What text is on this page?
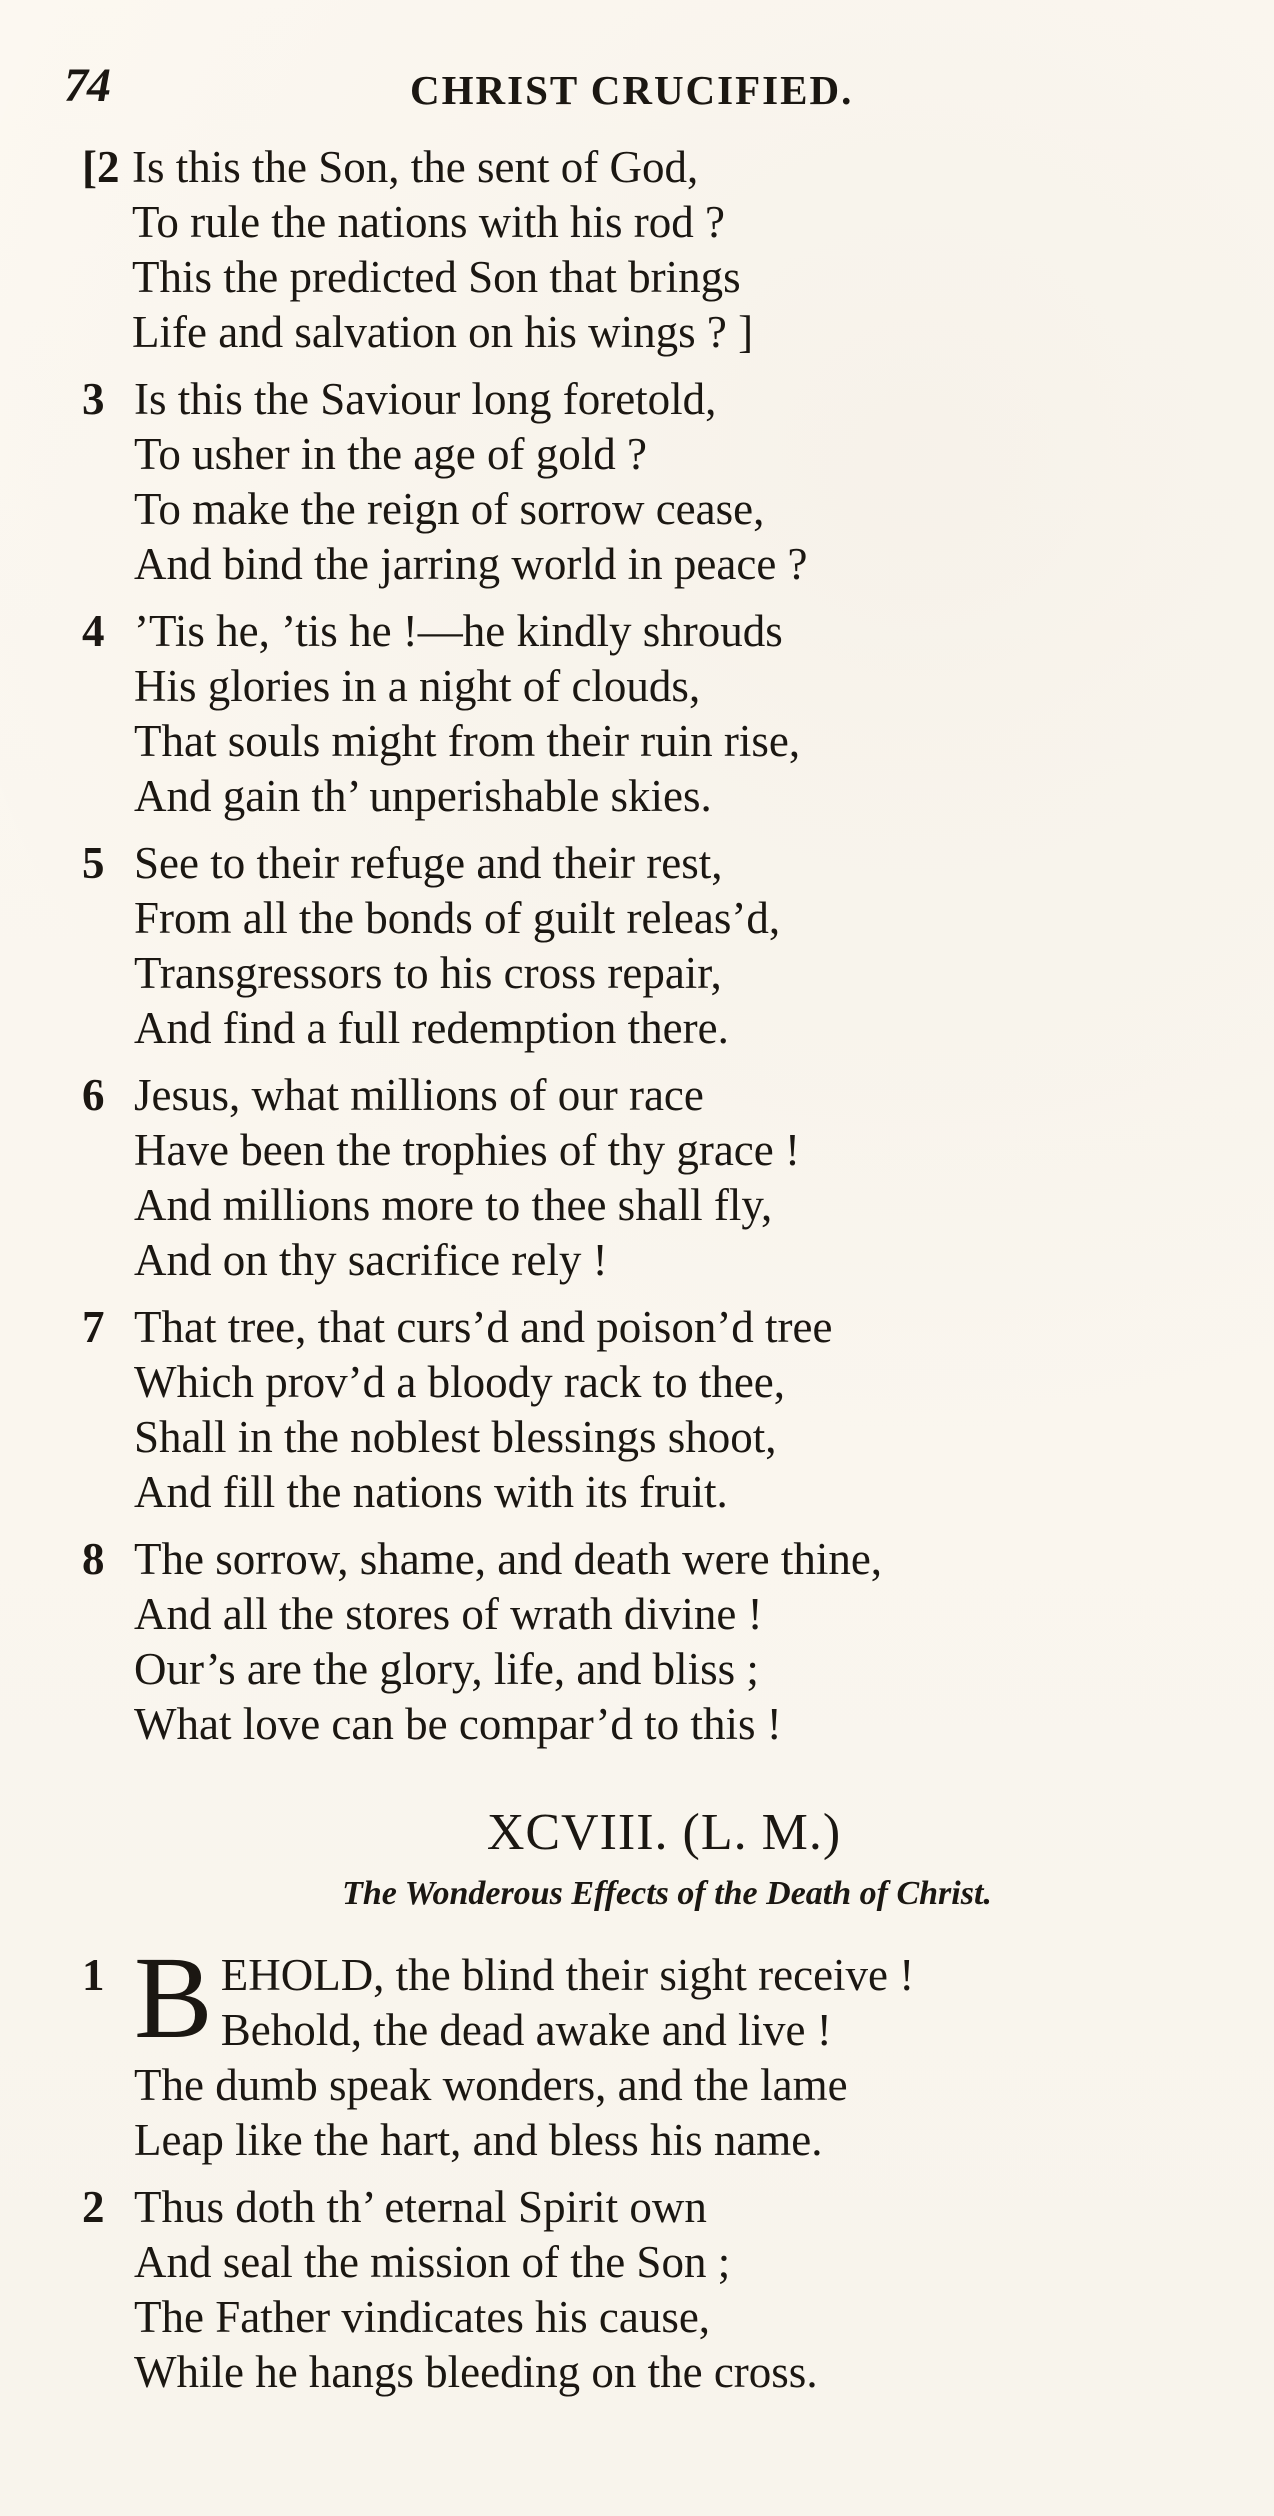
74	CHRIST CRUCIFIED.
[2 Is this the Son, the sent of God,
To rule the nations with his rod ?
This the predicted Son that brings
Life and salvation on his wings ? ]
3 Is this the Saviour long foretold,
To usher in the age of gold ?
To make the reign of sorrow cease,
And bind the jarring world in peace ?
4 ’Tis he, ’tis he !—he kindly shrouds
His glories in a night of clouds,
That souls might from their ruin rise,
And gain th’ unperishable skies.
5 See to their refuge and their rest,
From all the bonds of guilt releas’d,
Transgressors to his cross repair,
And find a full redemption there.
6 Jesus, what millions of our race
Have been the trophies of thy grace !
And millions more to thee shall fly,
And on thy sacrifice rely !
7 That tree, that curs’d and poison’d tree
Which prov’d a bloody rack to thee,
Shall in the noblest blessings shoot,
And fill the nations with its fruit.
8 The sorrow, shame, and death were thine,
And all the stores of wrath divine !
Our’s are the glory, life, and bliss ;
What love can be compar’d to this !
XCVIII. (L. M.)
The Wonderous Effects of the Death of Christ.
1 B EHOLD, the blind their sight receive !
Behold, the dead awake and live !
The dumb speak wonders, and the lame
Leap like the hart, and bless his name.
2 Thus doth th’ eternal Spirit own
And seal the mission of the Son ;
The Father vindicates his cause,
While he hangs bleeding on the cross.
